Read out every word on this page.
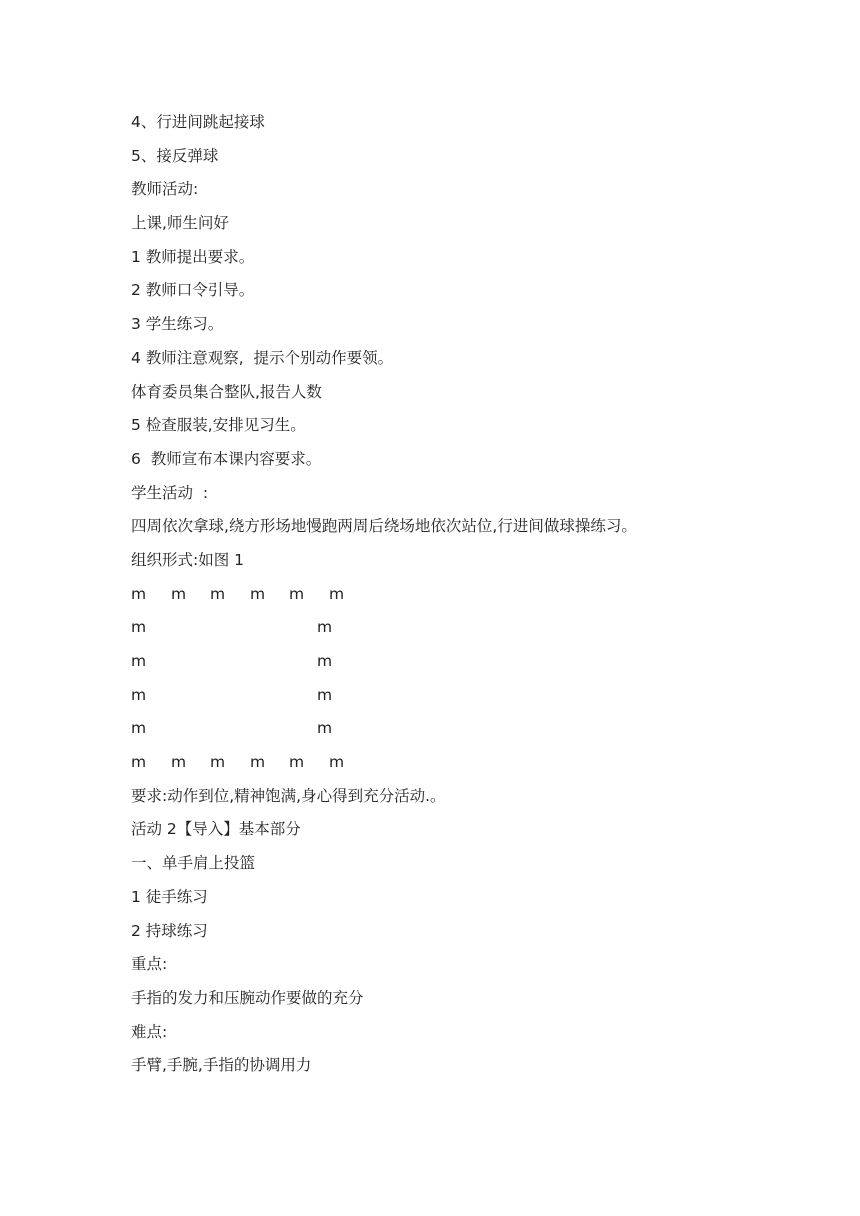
4、行进间跳起接球
5、接反弹球
教师活动:
上课,师生问好
1 教师提出要求。
2 教师口令引导。
3 学生练习。
4 教师注意观察,  提示个别动作要领。
体育委员集合整队,报告人数
5 检查服装,安排见习生。
6  教师宣布本课内容要求。
学生活动  :
四周依次拿球,绕方形场地慢跑两周后绕场地依次站位,行进间做球操练习。
组织形式:如图 1
m m m m m m
m	m
m	m
m	m
m	m
m m m m m m
要求:动作到位,精神饱满,身心得到充分活动.。
活动 2【导入】基本部分
一、单手肩上投篮
1 徒手练习
2 持球练习
重点:
手指的发力和压腕动作要做的充分
难点:
手臂,手腕,手指的协调用力
